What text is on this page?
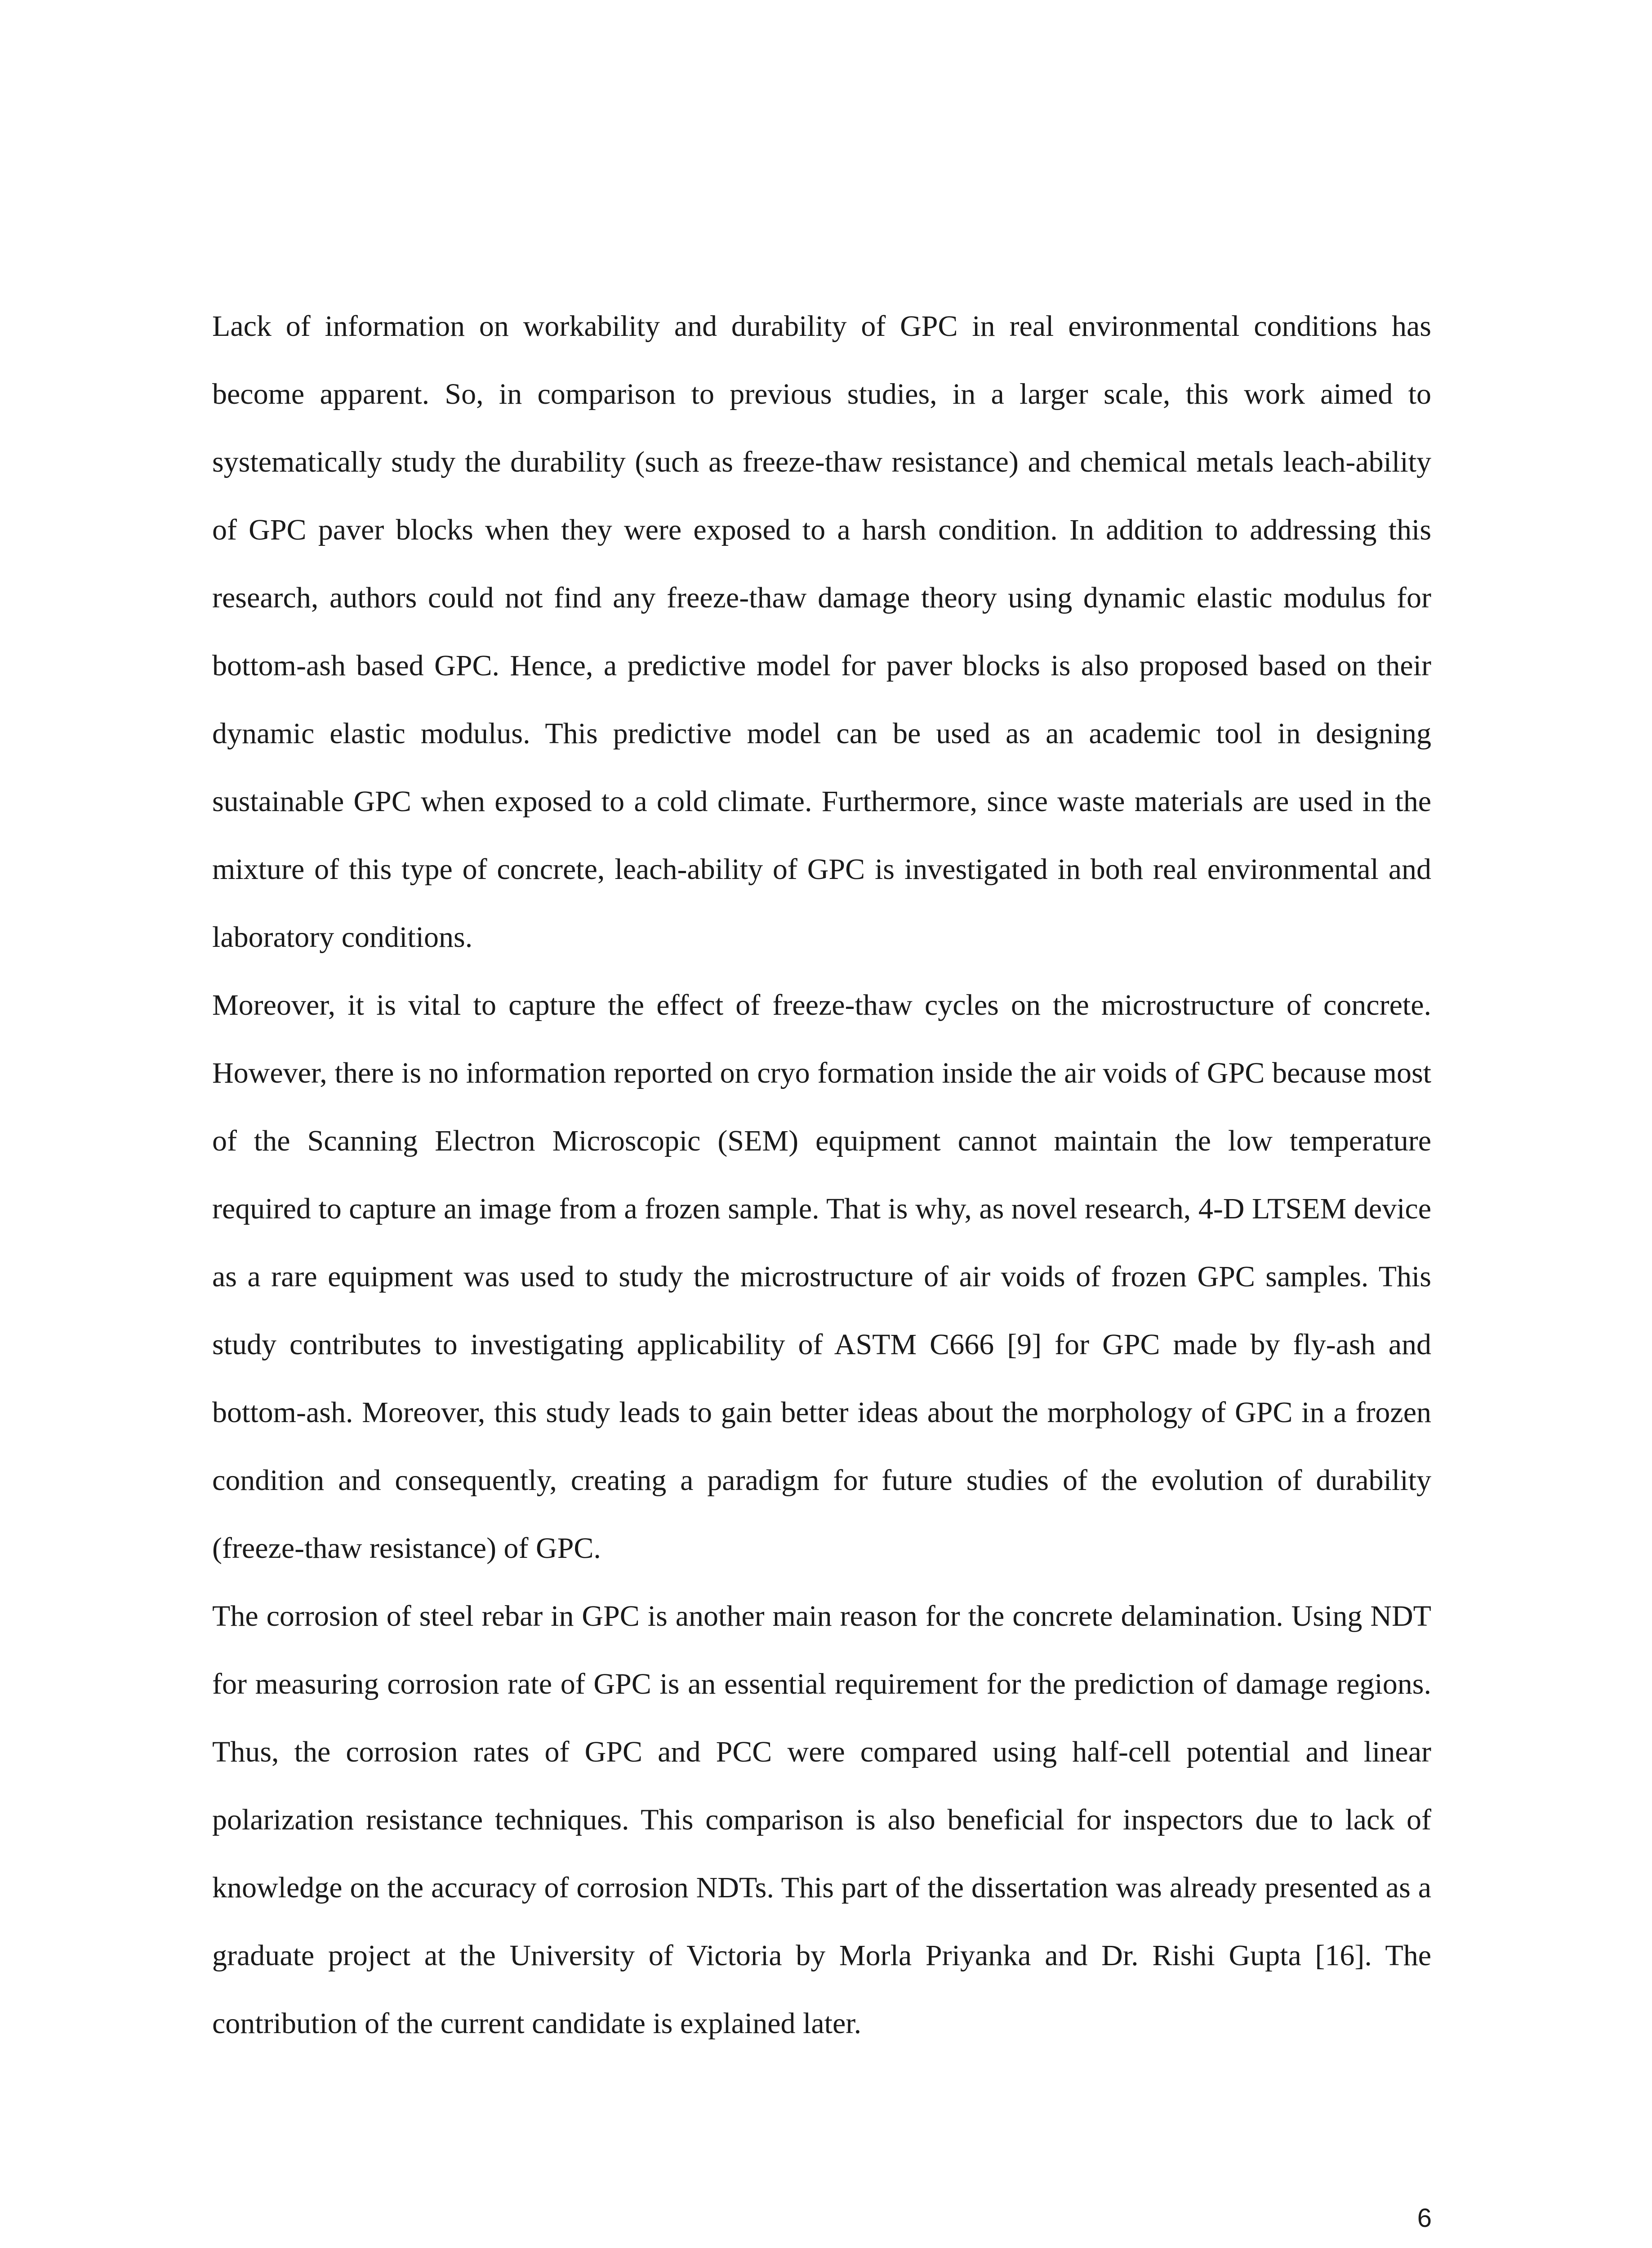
Lack of information on workability and durability of GPC in real environmental conditions has become apparent. So, in comparison to previous studies, in a larger scale, this work aimed to systematically study the durability (such as freeze-thaw resistance) and chemical metals leach-ability of GPC paver blocks when they were exposed to a harsh condition. In addition to addressing this research, authors could not find any freeze-thaw damage theory using dynamic elastic modulus for bottom-ash based GPC. Hence, a predictive model for paver blocks is also proposed based on their dynamic elastic modulus. This predictive model can be used as an academic tool in designing sustainable GPC when exposed to a cold climate. Furthermore, since waste materials are used in the mixture of this type of concrete, leach-ability of GPC is investigated in both real environmental and laboratory conditions.

Moreover, it is vital to capture the effect of freeze-thaw cycles on the microstructure of concrete. However, there is no information reported on cryo formation inside the air voids of GPC because most of the Scanning Electron Microscopic (SEM) equipment cannot maintain the low temperature required to capture an image from a frozen sample. That is why, as novel research, 4-D LTSEM device as a rare equipment was used to study the microstructure of air voids of frozen GPC samples. This study contributes to investigating applicability of ASTM C666 [9] for GPC made by fly-ash and bottom-ash. Moreover, this study leads to gain better ideas about the morphology of GPC in a frozen condition and consequently, creating a paradigm for future studies of the evolution of durability (freeze-thaw resistance) of GPC.

The corrosion of steel rebar in GPC is another main reason for the concrete delamination. Using NDT for measuring corrosion rate of GPC is an essential requirement for the prediction of damage regions. Thus, the corrosion rates of GPC and PCC were compared using half-cell potential and linear polarization resistance techniques. This comparison is also beneficial for inspectors due to lack of knowledge on the accuracy of corrosion NDTs. This part of the dissertation was already presented as a graduate project at the University of Victoria by Morla Priyanka and Dr. Rishi Gupta [16]. The contribution of the current candidate is explained later.

6
